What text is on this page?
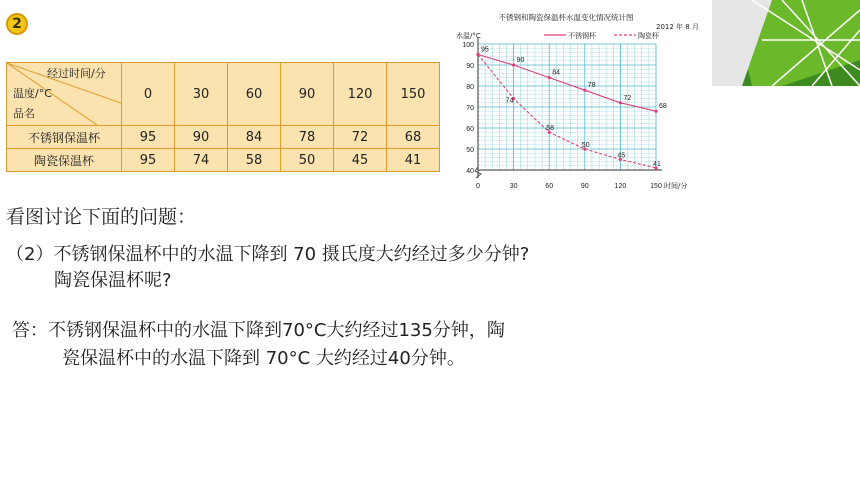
2
经过时间/分
温度/°C
品名	0	30	60	90	120	150
不锈钢保温杯	95	90	84	78	72	68
陶瓷保温杯	95	74	58	50	45	41
40
50
60
70
80
90
100
0	30	60	90	120	150
水温/°C
时间/分
不锈钢和陶瓷保温杯水温变化情况统计图
2012 年 8 月
不锈钢杯	陶瓷杯
95
90
84
78
72
68
74
58
50
45
41
看图讨论下面的问题：
（2）不锈钢保温杯中的水温下降到 70 摄氏度大约经过多少分钟?
陶瓷保温杯呢?
答：不锈钢保温杯中的水温下降到70°C大约经过135分钟，陶
瓷保温杯中的水温下降到 70°C 大约经过40分钟。
